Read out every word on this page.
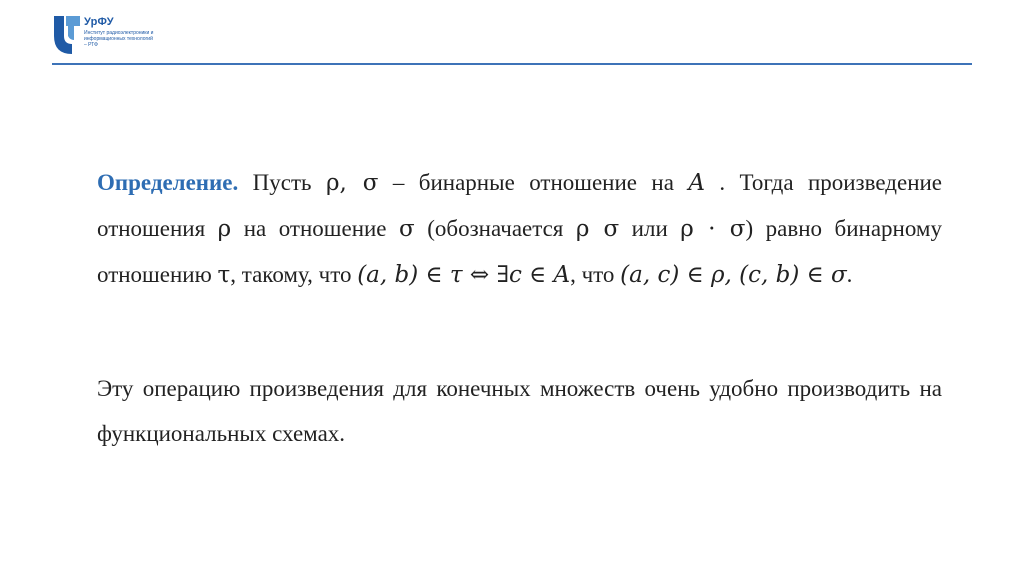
УрФУ
Институт радиоэлектроники и информационных технологий – РТФ

Определение. Пусть ρ, σ – бинарные отношение на A . Тогда произведение отношения ρ на отношение σ (обозначается ρ σ или ρ ⋅ σ) равно бинарному отношению τ, такому, что (a, b) ∈ τ ⇔ ∃c ∈ A, что (a, c) ∈ ρ, (c, b) ∈ σ.

Эту операцию произведения для конечных множеств очень удобно производить на функциональных схемах.
